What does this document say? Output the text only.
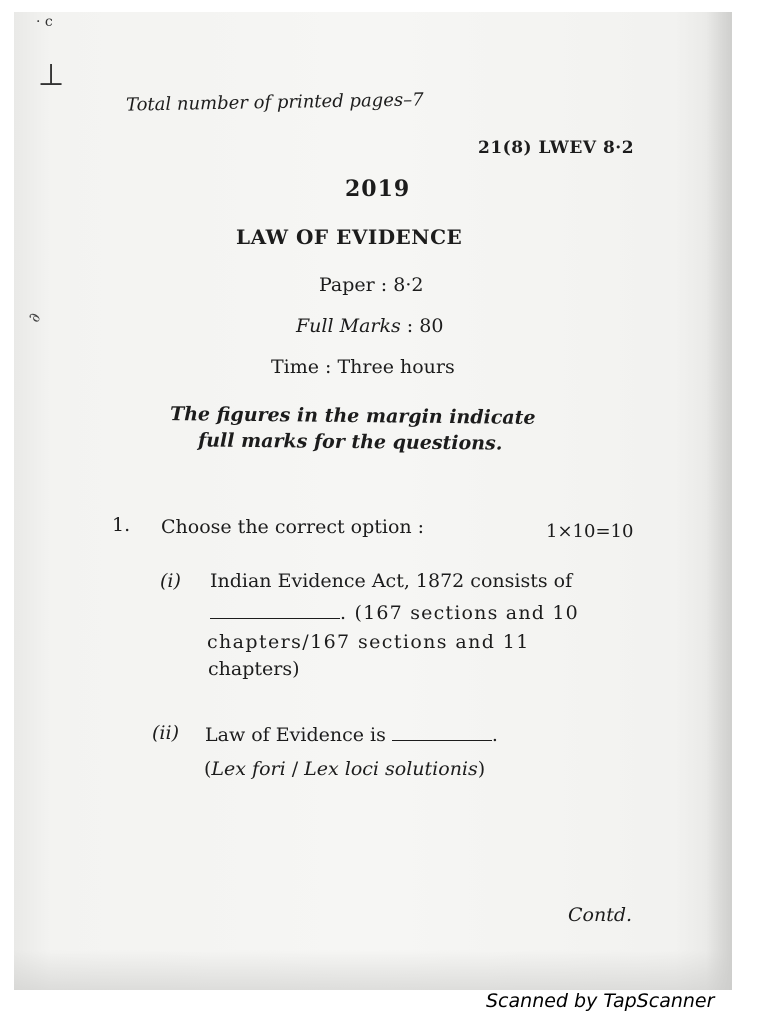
· c
⊥
∂
Total number of printed pages–7
21(8) LWEV 8·2
2019
LAW OF EVIDENCE
Paper : 8·2
Full Marks : 80
Time : Three hours
The figures in the margin indicate
full marks for the questions.
1. Choose the correct option :	1×10=10
(i) Indian Evidence Act, 1872 consists of
. (167 sections and 10
chapters/167 sections and 11
chapters)
(ii) Law of Evidence is	.
(Lex fori / Lex loci solutionis)
Contd.
Scanned by TapScanner
